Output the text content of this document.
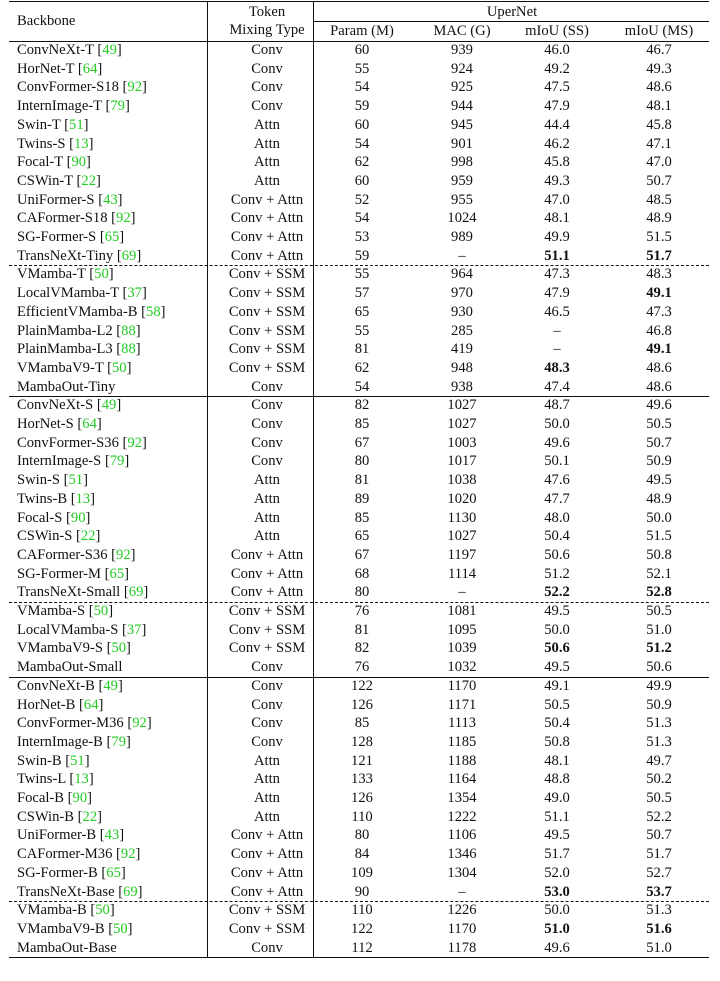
Backbone
Token
Mixing Type
UperNet
Param (M)	MAC (G)	mIoU (SS)	mIoU (MS)
ConvNeXt-T [49]	Conv	60	939	46.0	46.7
HorNet-T [64]	Conv	55	924	49.2	49.3
ConvFormer-S18 [92]	Conv	54	925	47.5	48.6
InternImage-T [79]	Conv	59	944	47.9	48.1
Swin-T [51]	Attn	60	945	44.4	45.8
Twins-S [13]	Attn	54	901	46.2	47.1
Focal-T [90]	Attn	62	998	45.8	47.0
CSWin-T [22]	Attn	60	959	49.3	50.7
UniFormer-S [43]	Conv + Attn	52	955	47.0	48.5
CAFormer-S18 [92]	Conv + Attn	54	1024	48.1	48.9
SG-Former-S [65]	Conv + Attn	53	989	49.9	51.5
TransNeXt-Tiny [69]	Conv + Attn	59	–	51.1	51.7
VMamba-T [50]	Conv + SSM	55	964	47.3	48.3
LocalVMamba-T [37]	Conv + SSM	57	970	47.9	49.1
EfficientVMamba-B [58]	Conv + SSM	65	930	46.5	47.3
PlainMamba-L2 [88]	Conv + SSM	55	285	–	46.8
PlainMamba-L3 [88]	Conv + SSM	81	419	–	49.1
VMambaV9-T [50]	Conv + SSM	62	948	48.3	48.6
MambaOut-Tiny	Conv	54	938	47.4	48.6
ConvNeXt-S [49]	Conv	82	1027	48.7	49.6
HorNet-S [64]	Conv	85	1027	50.0	50.5
ConvFormer-S36 [92]	Conv	67	1003	49.6	50.7
InternImage-S [79]	Conv	80	1017	50.1	50.9
Swin-S [51]	Attn	81	1038	47.6	49.5
Twins-B [13]	Attn	89	1020	47.7	48.9
Focal-S [90]	Attn	85	1130	48.0	50.0
CSWin-S [22]	Attn	65	1027	50.4	51.5
CAFormer-S36 [92]	Conv + Attn	67	1197	50.6	50.8
SG-Former-M [65]	Conv + Attn	68	1114	51.2	52.1
TransNeXt-Small [69]	Conv + Attn	80	–	52.2	52.8
VMamba-S [50]	Conv + SSM	76	1081	49.5	50.5
LocalVMamba-S [37]	Conv + SSM	81	1095	50.0	51.0
VMambaV9-S [50]	Conv + SSM	82	1039	50.6	51.2
MambaOut-Small	Conv	76	1032	49.5	50.6
ConvNeXt-B [49]	Conv	122	1170	49.1	49.9
HorNet-B [64]	Conv	126	1171	50.5	50.9
ConvFormer-M36 [92]	Conv	85	1113	50.4	51.3
InternImage-B [79]	Conv	128	1185	50.8	51.3
Swin-B [51]	Attn	121	1188	48.1	49.7
Twins-L [13]	Attn	133	1164	48.8	50.2
Focal-B [90]	Attn	126	1354	49.0	50.5
CSWin-B [22]	Attn	110	1222	51.1	52.2
UniFormer-B [43]	Conv + Attn	80	1106	49.5	50.7
CAFormer-M36 [92]	Conv + Attn	84	1346	51.7	51.7
SG-Former-B [65]	Conv + Attn	109	1304	52.0	52.7
TransNeXt-Base [69]	Conv + Attn	90	–	53.0	53.7
VMamba-B [50]	Conv + SSM	110	1226	50.0	51.3
VMambaV9-B [50]	Conv + SSM	122	1170	51.0	51.6
MambaOut-Base	Conv	112	1178	49.6	51.0
